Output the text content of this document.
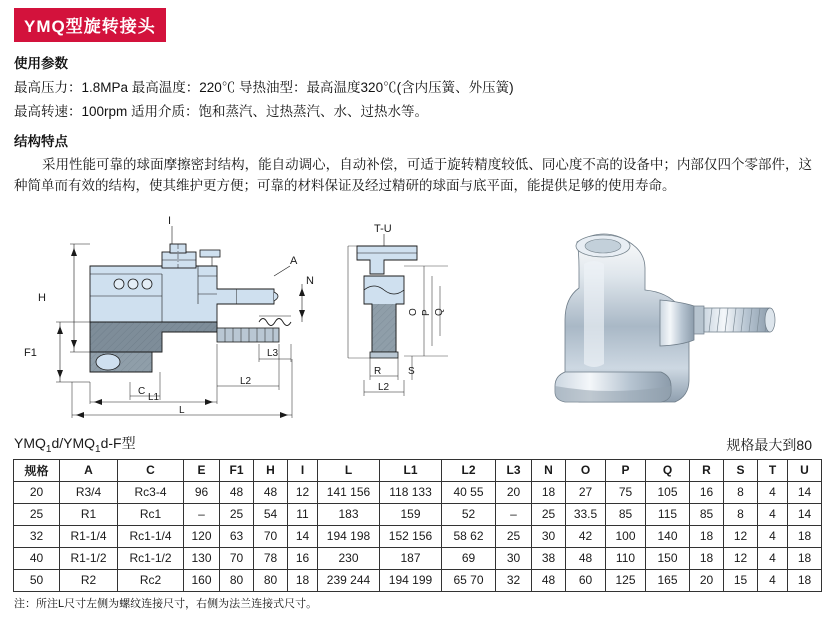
YMQ型旋转接头
使用参数
最高压力：1.8MPa 最高温度：220℃ 导热油型：最高温度320℃(含内压簧、外压簧)
最高转速：100rpm 适用介质：饱和蒸汽、过热蒸汽、水、过热水等。
结构特点
采用性能可靠的球面摩擦密封结构，能自动调心，自动补偿，可适于旋转精度较低、同心度不高的设备中；内部仅四个零部件，这种简单而有效的结构，使其维护更方便；可靠的材料保证及经过精研的球面与底平面，能提供足够的使用寿命。
H
F1
I
A
N
C
L3
L2
L1
L
T-U
O P Q
R	S
L2
$YMQ_1d/YMQ_1d-F$型	规格最大到80
规格	A	C	E	F1	H	I	L	L1	L2	L3	N	O	P	Q	R	S	T	U
20	R3/4	Rc3-4	96	48	48	12	141 156	118 133	40 55	20	18	27	75	105	16	8	4	14
25	R1	Rc1	–	25	54	11	183	159	52	–	25	33.5	85	115	85	8	4	14
32	R1-1/4	Rc1-1/4	120	63	70	14	194 198	152 156	58 62	25	30	42	100	140	18	12	4	18
40	R1-1/2	Rc1-1/2	130	70	78	16	230	187	69	30	38	48	110	150	18	12	4	18
50	R2	Rc2	160	80	80	18	239 244	194 199	65 70	32	48	60	125	165	20	15	4	18
注：所注L尺寸左侧为螺纹连接尺寸，右侧为法兰连接式尺寸。
